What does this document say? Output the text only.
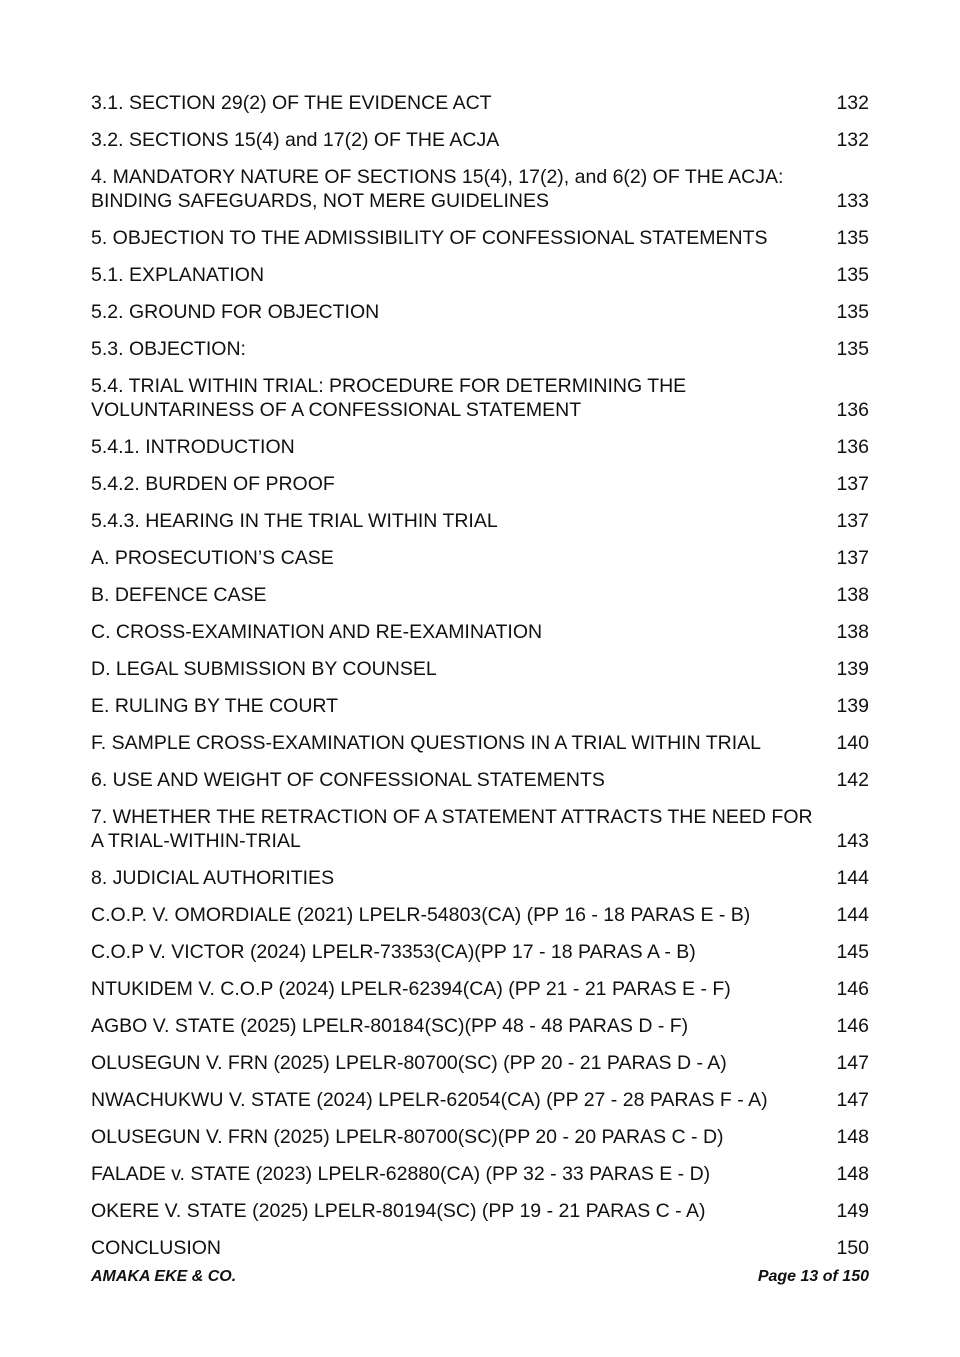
3.1. SECTION 29(2) OF THE EVIDENCE ACT	132
3.2. SECTIONS 15(4) and 17(2) OF THE ACJA	132
4. MANDATORY NATURE OF SECTIONS 15(4), 17(2), and 6(2) OF THE ACJA: BINDING SAFEGUARDS, NOT MERE GUIDELINES	133
5. OBJECTION TO THE ADMISSIBILITY OF CONFESSIONAL STATEMENTS	135
5.1. EXPLANATION	135
5.2. GROUND FOR OBJECTION	135
5.3. OBJECTION:	135
5.4. TRIAL WITHIN TRIAL: PROCEDURE FOR DETERMINING THE VOLUNTARINESS OF A CONFESSIONAL STATEMENT	136
5.4.1. INTRODUCTION	136
5.4.2. BURDEN OF PROOF	137
5.4.3. HEARING IN THE TRIAL WITHIN TRIAL	137
A. PROSECUTION’S CASE	137
B. DEFENCE CASE	138
C. CROSS-EXAMINATION AND RE-EXAMINATION	138
D. LEGAL SUBMISSION BY COUNSEL	139
E. RULING BY THE COURT	139
F. SAMPLE CROSS-EXAMINATION QUESTIONS IN A TRIAL WITHIN TRIAL	140
6. USE AND WEIGHT OF CONFESSIONAL STATEMENTS	142
7. WHETHER THE RETRACTION OF A STATEMENT ATTRACTS THE NEED FOR A TRIAL-WITHIN-TRIAL	143
8. JUDICIAL AUTHORITIES	144
C.O.P. V. OMORDIALE (2021) LPELR-54803(CA) (PP 16 - 18 PARAS E - B)	144
C.O.P V. VICTOR (2024) LPELR-73353(CA)(PP 17 - 18 PARAS A - B)	145
NTUKIDEM V. C.O.P (2024) LPELR-62394(CA) (PP 21 - 21 PARAS E - F)	146
AGBO V. STATE (2025) LPELR-80184(SC)(PP 48 - 48 PARAS D - F)	146
OLUSEGUN V. FRN (2025) LPELR-80700(SC) (PP 20 - 21 PARAS D - A)	147
NWACHUKWU V. STATE (2024) LPELR-62054(CA) (PP 27 - 28 PARAS F - A)	147
OLUSEGUN V. FRN (2025) LPELR-80700(SC)(PP 20 - 20 PARAS C - D)	148
FALADE v. STATE (2023) LPELR-62880(CA) (PP 32 - 33 PARAS E - D)	148
OKERE V. STATE (2025) LPELR-80194(SC) (PP 19 - 21 PARAS C - A)	149
CONCLUSION	150
AMAKA EKE & CO.	Page 13 of 150
